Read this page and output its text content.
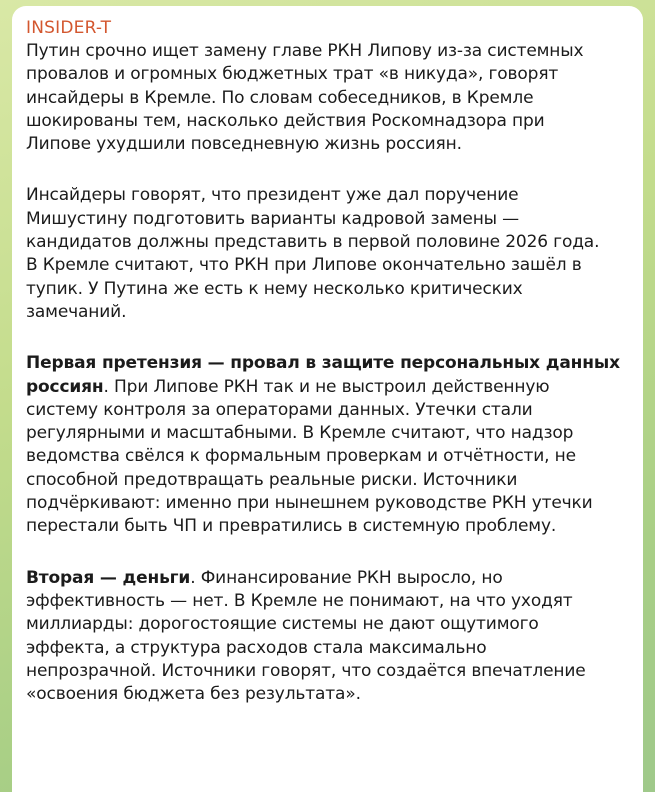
INSIDER-T
Путин срочно ищет замену главе РКН Липову из-за системных
провалов и огромных бюджетных трат «в никуда», говорят
инсайдеры в Кремле. По словам собеседников, в Кремле
шокированы тем, насколько действия Роскомнадзора при
Липове ухудшили повседневную жизнь россиян.
Инсайдеры говорят, что президент уже дал поручение
Мишустину подготовить варианты кадровой замены —
кандидатов должны представить в первой половине 2026 года.
В Кремле считают, что РКН при Липове окончательно зашёл в
тупик. У Путина же есть к нему несколько критических
замечаний.
Первая претензия — провал в защите персональных данных
россиян. При Липове РКН так и не выстроил действенную
систему контроля за операторами данных. Утечки стали
регулярными и масштабными. В Кремле считают, что надзор
ведомства свёлся к формальным проверкам и отчётности, не
способной предотвращать реальные риски. Источники
подчёркивают: именно при нынешнем руководстве РКН утечки
перестали быть ЧП и превратились в системную проблему.
Вторая — деньги. Финансирование РКН выросло, но
эффективность — нет. В Кремле не понимают, на что уходят
миллиарды: дорогостоящие системы не дают ощутимого
эффекта, а структура расходов стала максимально
непрозрачной. Источники говорят, что создаётся впечатление
«освоения бюджета без результата».
